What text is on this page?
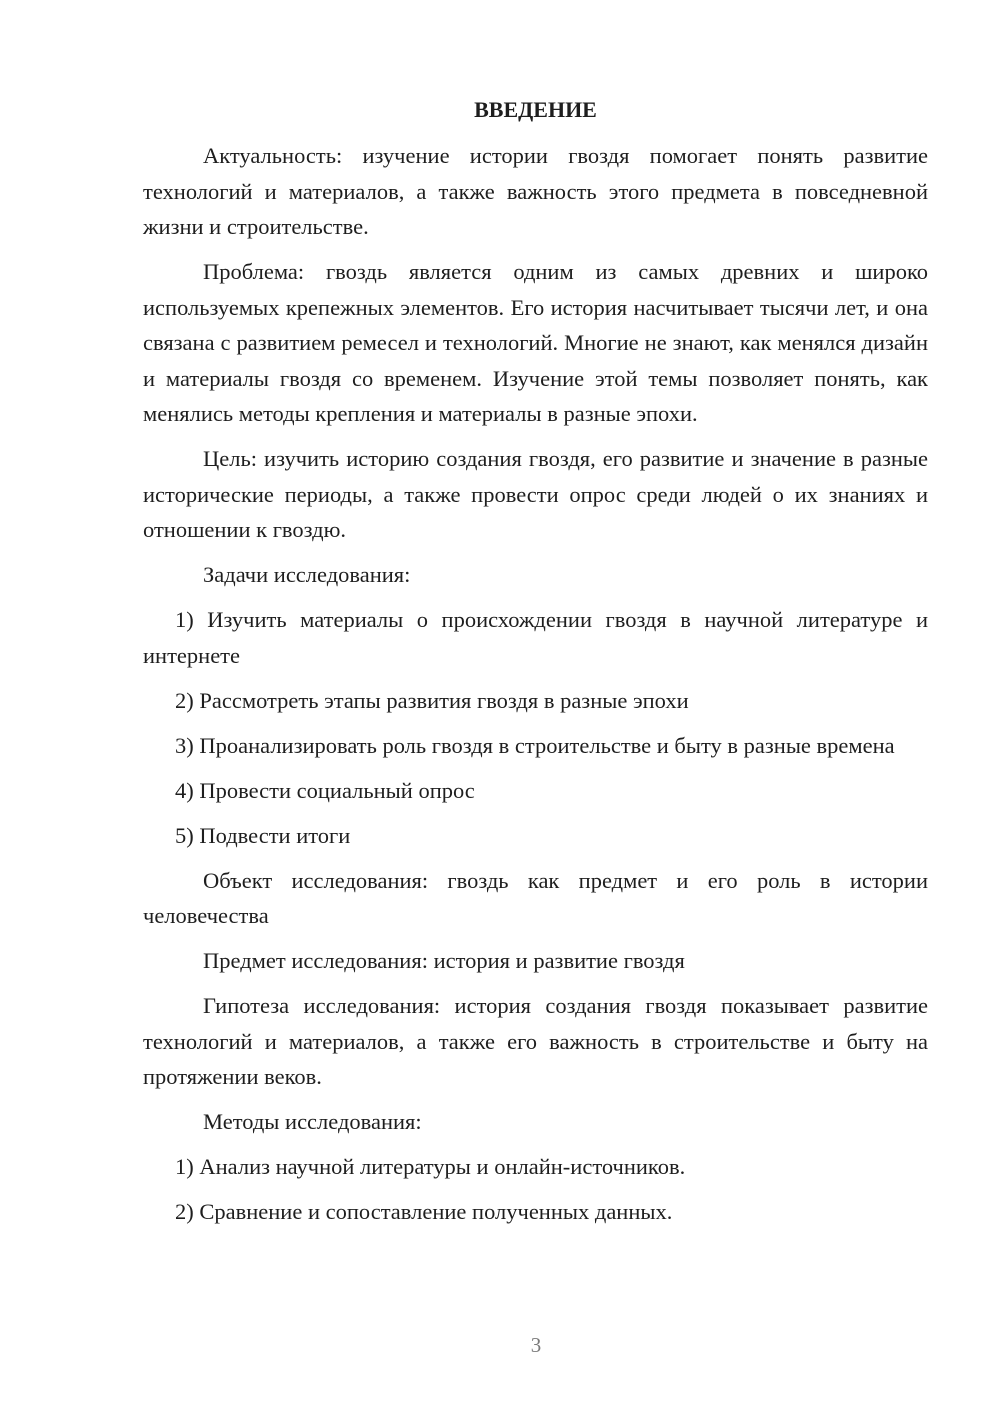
ВВЕДЕНИЕ

Актуальность: изучение истории гвоздя помогает понять развитие технологий и материалов, а также важность этого предмета в повседневной жизни и строительстве.

Проблема: гвоздь является одним из самых древних и широко используемых крепежных элементов. Его история насчитывает тысячи лет, и она связана с развитием ремесел и технологий. Многие не знают, как менялся дизайн и материалы гвоздя со временем. Изучение этой темы позволяет понять, как менялись методы крепления и материалы в разные эпохи.

Цель: изучить историю создания гвоздя, его развитие и значение в разные исторические периоды, а также провести опрос среди людей о их знаниях и отношении к гвоздю.

Задачи исследования:

1) Изучить материалы о происхождении гвоздя в научной литературе и интернете

2) Рассмотреть этапы развития гвоздя в разные эпохи

3) Проанализировать роль гвоздя в строительстве и быту в разные времена

4) Провести социальный опрос

5) Подвести итоги

Объект исследования: гвоздь как предмет и его роль в истории человечества

Предмет исследования: история и развитие гвоздя

Гипотеза исследования: история создания гвоздя показывает развитие технологий и материалов, а также его важность в строительстве и быту на протяжении веков.

Методы исследования:

1) Анализ научной литературы и онлайн-источников.

2) Сравнение и сопоставление полученных данных.

3
